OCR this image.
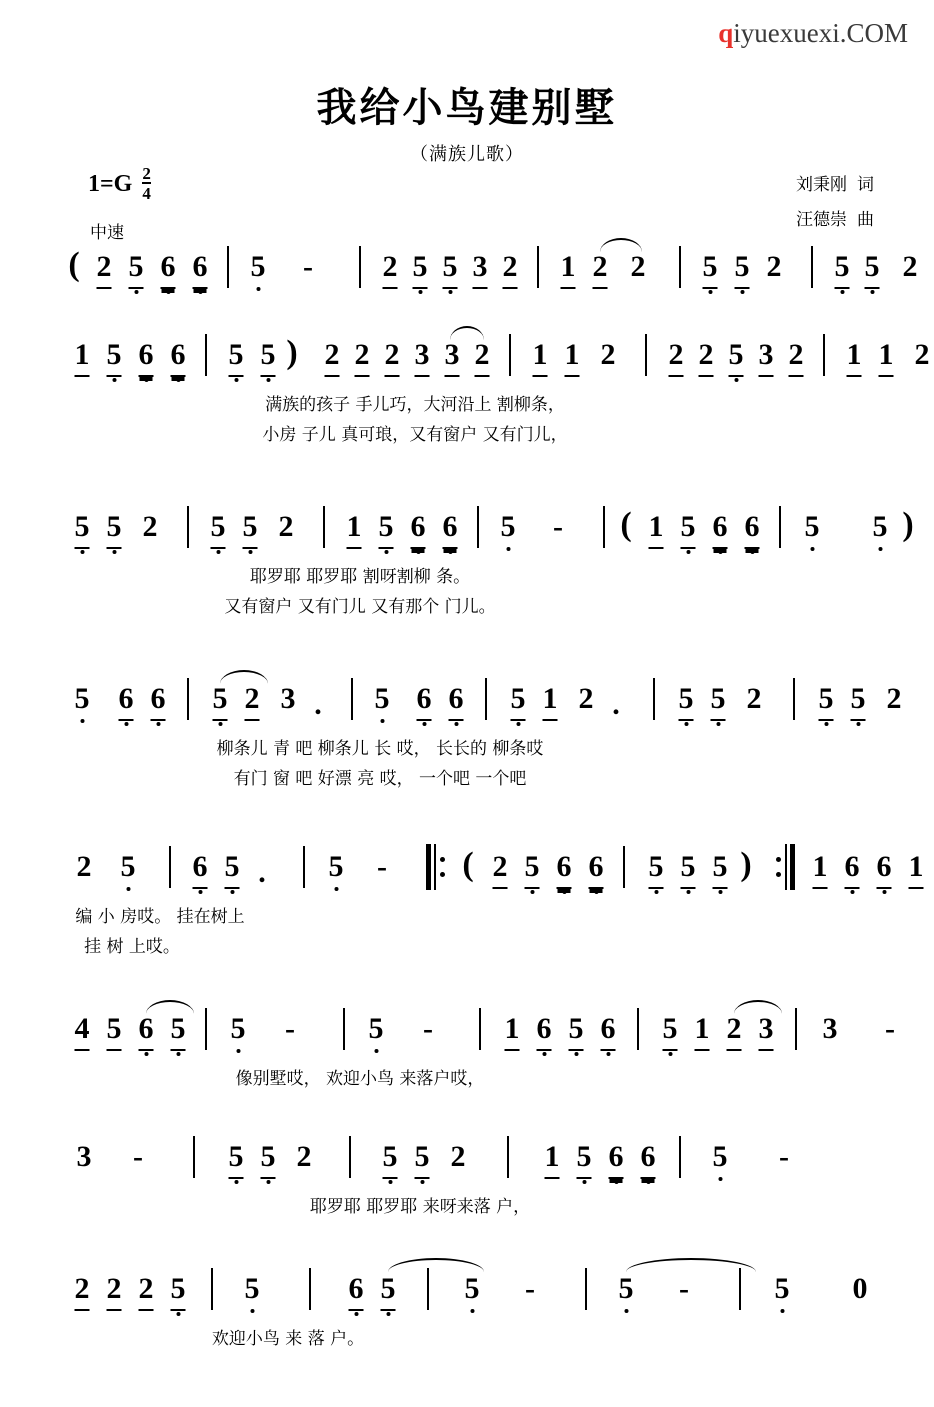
qiyuexuexi.COM
我给小鸟建别墅
（满族儿歌）
$1=G \frac{2}{4}$
中速
刘秉刚 词
汪德崇 曲
( 2 5 6 6 5 - 2 5 5 3 2 1 2 2 5 5 2 5 5 2
1 5 6 6 5 5 ) 2 2 2 3 3 2 1 1 2 2 2 5 3 2 1 1 2
满族的孩子 手儿巧，大河沿上 割柳条，
小房 子儿 真可琅，又有窗户 又有门儿，
5 5 2 5 5 2 1 5 6 6 5 - ( 1 5 6 6 5 5 )
耶罗耶 耶罗耶 割呀割柳 条。
又有窗户 又有门儿 又有那个 门儿。
5 6 6 5 2 3 . 5 6 6 5 1 2 . 5 5 2 5 5 2
柳条儿 青 吧 柳条儿 长 哎， 长长的 柳条哎
有门 窗 吧 好漂 亮 哎， 一个吧 一个吧
2 5 6 5 . 5 - ( 2 5 6 6 5 5 5 ) 1 6 6 1
编 小 房哎。 挂在树上
挂 树 上哎。
4 5 6 5 5 - 5 - 1 6 5 6 5 1 2 3 3 -
像别墅哎， 欢迎小鸟 来落户哎，
3 -	5 5 2 5 5 2	1 5 6 6 5 -
耶罗耶 耶罗耶 来呀来落 户，
2 2 2 5 5	6 5 5 -	5 -	5 0
欢迎小鸟 来 落 户。
